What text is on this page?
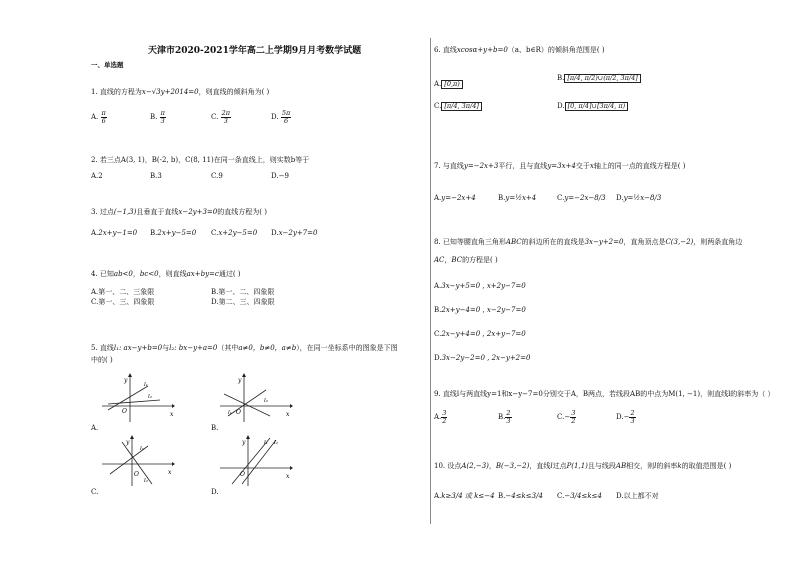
天津市2020-2021学年高二上学期9月月考数学试题
一、单选题
1. 直线的方程为x−√3y+2014=0，则直线的倾斜角为( )
A. $\frac{\pi}{6}$	B. $\frac{\pi}{3}$	C. $\frac{2\pi}{3}$	D. $\frac{5\pi}{6}$
2. 若三点A(3, 1)，B(-2, b)，C(8, 11)在同一条直线上，则实数b等于
A.2	B.3	C.9	D.−9
3. 过点(−1,3)且垂直于直线x−2y+3=0的直线方程为( )
A.2x+y−1=0 B.2x+y−5=0 C.x+2y−5=0 D.x−2y+7=0
4. 已知ab<0，bc<0，则直线ax+by=c通过( )
A.第一、二、三象限	B.第一、二、四象限
C.第一、三、四象限	D.第二、三、四象限
5. 直线l₁: ax−y+b=0与l₂: bx−y+a=0（其中a≠0，b≠0，a≠b），在同一坐标系中的图象是下图
中的( )
y
x
O
l₁
l₂
A.
y
x
O
l₁
l₂
B.
y
x
O
l₁
l₂
C.
y
x
O
l₁ l₂
D.
6. 直线xcosα+y+b=0（a、b∈R）的倾斜角范围是( )
A. [0,π)
B. [π/4, π/2)∪(π/2, 3π/4]
C. [π/4, 3π/4]	D. [0, π/4]∪[3π/4, π)
7. 与直线y=−2x+3平行，且与直线y=3x+4交于x轴上的同一点的直线方程是( )
A.y=−2x+4	B.y=½x+4	C.y=−2x−8/3 D.y=½x−8/3
8. 已知等腰直角三角形ABC的斜边所在的直线是3x−y+2=0，直角顶点是C(3,−2)，则两条直角边
AC，BC的方程是( )
A.3x−y+5=0 , x+2y−7=0
B.2x+y−4=0 , x−2y−7=0
C.2x−y+4=0 , 2x+y−7=0
D.3x−2y−2=0 , 2x−y+2=0
9. 直线l与两直线y=1和x−y−7=0分别交于A，B两点，若线段AB的中点为M(1, −1)，则直线l的斜率为（ ）
A. $\frac{3}{2}$	B. $\frac{2}{3}$	$C.- \frac{3}{2}$	$D.- \frac{2}{3}$
10. 设点A(2,−3)，B(−3,−2)，直线l过点P(1,1)且与线段AB相交，则l的斜率k的取值范围是( )
A.k≥3/4 或 k≤−4 B.−4≤k≤3/4 C.−3/4≤k≤4 D.以上都不对
